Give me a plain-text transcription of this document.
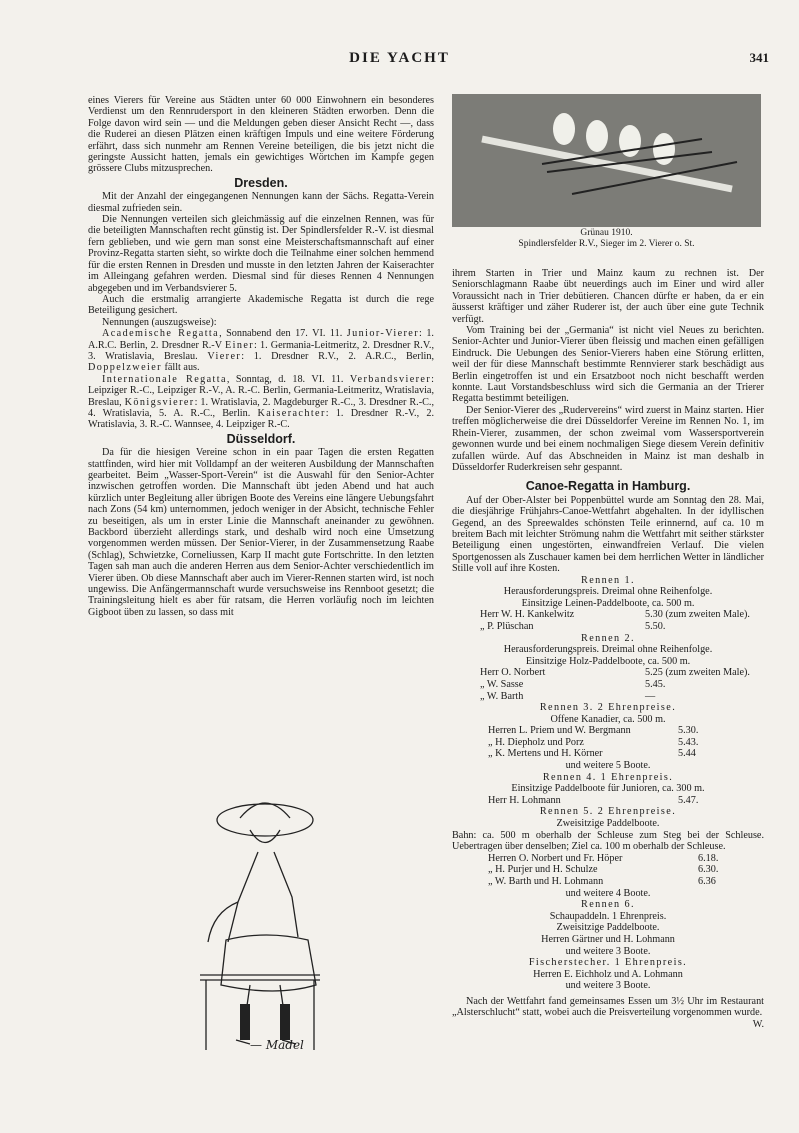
DIE YACHT	341

eines Vierers für Vereine aus Städten unter 60 000 Einwohnern ein besonderes Verdienst um den Rennrudersport in den kleineren Städten erworben. Denn die Folge davon wird sein — und die Meldungen geben dieser Ansicht Recht —, dass die Ruderei an diesen Plätzen einen kräftigen Impuls und eine weitere Förderung erfährt, dass sich nunmehr am Rennen Vereine beteiligen, die bis jetzt nicht die geringste Aussicht hatten, jemals ein gewichtiges Wörtchen im Kampfe gegen grössere Clubs mitzusprechen.

Dresden.

Mit der Anzahl der eingegangenen Nennungen kann der Sächs. Regatta-Verein diesmal zufrieden sein.

Die Nennungen verteilen sich gleichmässig auf die einzelnen Rennen, was für die beteiligten Mannschaften recht günstig ist. Der Spindlersfelder R.-V. ist diesmal fern geblieben, und wie gern man sonst eine Meisterschaftsmannschaft auf einer Provinz-Regatta starten sieht, so wirkte doch die Teilnahme einer solchen hemmend für die ersten Rennen in Dresden und musste in den letzten Jahren der Kaiserachter im Alleingang gefahren werden. Diesmal sind für dieses Rennen 4 Nennungen abgegeben und im Verbandsvierer 5.

Auch die erstmalig arrangierte Akademische Regatta ist durch die rege Beteiligung gesichert.

Nennungen (auszugsweise):

Academische Regatta, Sonnabend den 17. VI. 11. Junior-Vierer: 1. A.R.C. Berlin, 2. Dresdner R.-V Einer: 1. Germania-Leitmeritz, 2. Dresdner R.V., 3. Wratislavia, Breslau. Vierer: 1. Dresdner R.V., 2. A.R.C., Berlin, Doppelzweier fällt aus.

Internationale Regatta, Sonntag, d. 18. VI. 11. Verbandsvierer: Leipziger R.-C., Leipziger R.-V., A. R.-C. Berlin, Germania-Leitmeritz, Wratislavia, Breslau, Königsvierer: 1. Wratislavia, 2. Magdeburger R.-C., 3. Dresdner R.-C., 4. Wratislavia, 5. A. R.-C., Berlin. Kaiserachter: 1. Dresdner R.-V., 2. Wratislavia, 3. R.-C. Wannsee, 4. Leipziger R.-C.

Düsseldorf.

Da für die hiesigen Vereine schon in ein paar Tagen die ersten Regatten stattfinden, wird hier mit Volldampf an der weiteren Ausbildung der Mannschaften gearbeitet. Beim „Wasser-Sport-Verein“ ist die Auswahl für den Senior-Achter inzwischen getroffen worden. Die Mannschaft übt jeden Abend und hat auch kürzlich unter Begleitung aller übrigen Boote des Vereins eine längere Uebungsfahrt nach Zons (54 km) unternommen, jedoch weniger in der Absicht, technische Fehler zu beseitigen, als um in erster Linie die Mannschaft aneinander zu gewöhnen. Backbord überzieht allerdings stark, und deshalb wird noch eine Umsetzung vorgenommen werden müssen. Der Senior-Vierer, in der Zusammensetzung Raabe (Schlag), Schwietzke, Corneliussen, Karp II macht gute Fortschritte. In den letzten Tagen sah man auch die anderen Herren aus dem Senior-Achter verschiedentlich im Vierer üben. Ob diese Mannschaft aber auch im Vierer-Rennen starten wird, ist noch ungewiss. Die Anfängermannschaft wurde versuchsweise ins Rennboot gesetzt; die Trainingsleitung hielt es aber für ratsam, die Herren vorläufig noch im leichten Gigboot üben zu lassen, so dass mit

— Madel
Grünau 1910.
Spindlersfelder R.V., Sieger im 2. Vierer o. St.

ihrem Starten in Trier und Mainz kaum zu rechnen ist. Der Seniorschlagmann Raabe übt neuerdings auch im Einer und wird aller Voraussicht nach in Trier debütieren. Chancen dürfte er haben, da er ein äusserst kräftiger und zäher Ruderer ist, der auch über eine gute Technik verfügt.

Vom Training bei der „Germania“ ist nicht viel Neues zu berichten. Senior-Achter und Junior-Vierer üben fleissig und machen einen gefälligen Eindruck. Die Uebungen des Senior-Vierers haben eine Störung erlitten, weil der für diese Mannschaft bestimmte Rennvierer stark beschädigt aus Berlin eingetroffen ist und ein Ersatzboot noch nicht beschafft werden konnte. Laut Vorstandsbeschluss wird sich die Germania an der Trierer Regatta bestimmt beteiligen.

Der Senior-Vierer des „Rudervereins“ wird zuerst in Mainz starten. Hier treffen möglicherweise die drei Düsseldorfer Vereine im Rennen No. 1, im Rhein-Vierer, zusammen, der schon zweimal vom Wassersportverein gewonnen wurde und bei einem nochmaligen Siege diesem Verein definitiv zufallen würde. Auf das Abschneiden in Mainz ist man deshalb in Düsseldorfer Ruderkreisen sehr gespannt.

Canoe-Regatta in Hamburg.

Auf der Ober-Alster bei Poppenbüttel wurde am Sonntag den 28. Mai, die diesjährige Frühjahrs-Canoe-Wettfahrt abgehalten. In der idyllischen Gegend, an des Spreewaldes schönsten Teile erinnernd, auf ca. 10 m breitem Bach mit leichter Strömung nahm die Wettfahrt mit seither stärkster Beteiligung einen ungestörten, einwandfreien Verlauf. Die vielen Sportgenossen als Zuschauer kamen bei dem herrlichen Wetter in ländlicher Stille voll auf ihre Kosten.

Rennen 1.
Herausforderungspreis. Dreimal ohne Reihenfolge.
Einsitzige Leinen-Paddelboote, ca. 500 m.
Herr W. H. Kankelwitz	5.30 (zum zweiten Male).
„ P. Plüschan	5.50.
Rennen 2.
Herausforderungspreis. Dreimal ohne Reihenfolge.
Einsitzige Holz-Paddelboote, ca. 500 m.
Herr O. Norbert	5.25 (zum zweiten Male).
„ W. Sasse	5.45.
„ W. Barth	—
Rennen 3. 2 Ehrenpreise.
Offene Kanadier, ca. 500 m.
Herren L. Priem und W. Bergmann	5.30.
„ H. Diepholz und Porz	5.43.
„ K. Mertens und H. Körner	5.44
und weitere 5 Boote.
Rennen 4. 1 Ehrenpreis.
Einsitzige Paddelboote für Junioren, ca. 300 m.
Herr H. Lohmann	5.47.
Rennen 5. 2 Ehrenpreise.
Zweisitzige Paddelboote.
Bahn: ca. 500 m oberhalb der Schleuse zum Steg bei der Schleuse. Uebertragen über denselben; Ziel ca. 100 m oberhalb der Schleuse.
Herren O. Norbert und Fr. Höper	6.18.
„ H. Purjer und H. Schulze	6.30.
„ W. Barth und H. Lohmann	6.36
und weitere 4 Boote.
Rennen 6.
Schaupaddeln. 1 Ehrenpreis.
Zweisitzige Paddelboote.
Herren Gärtner und H. Lohmann
und weitere 3 Boote.
Fischerstecher. 1 Ehrenpreis.
Herren E. Eichholz und A. Lohmann
und weitere 3 Boote.

Nach der Wettfahrt fand gemeinsames Essen um 3½ Uhr im Restaurant „Alsterschlucht“ statt, wobei auch die Preisverteilung vorgenommen wurde.

W.
